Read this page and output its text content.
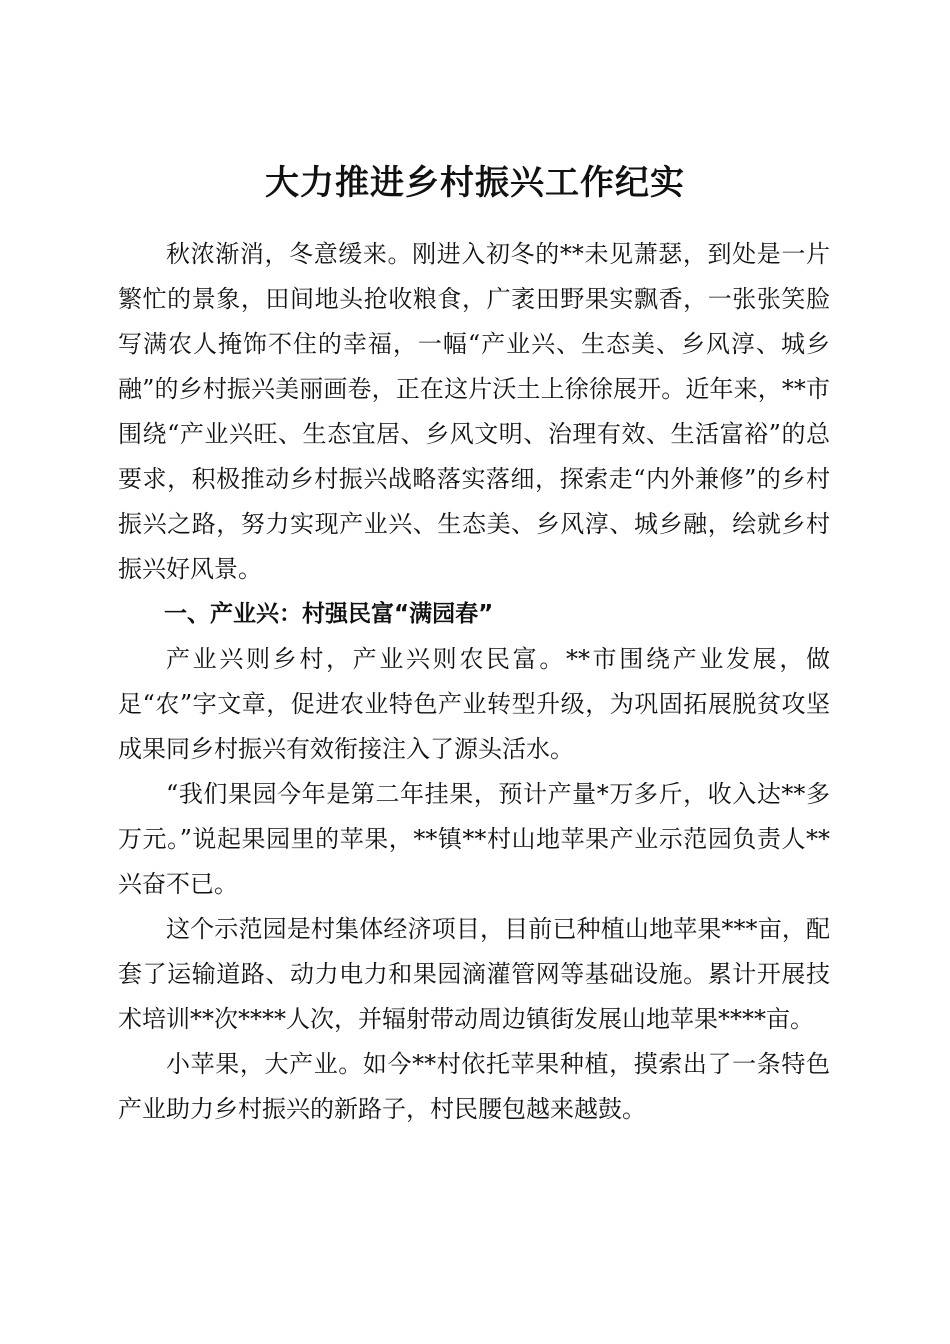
大力推进乡村振兴工作纪实

秋浓渐消，冬意缓来。刚进入初冬的**未见萧瑟，到处是一片繁忙的景象，田间地头抢收粮食，广袤田野果实飘香，一张张笑脸写满农人掩饰不住的幸福，一幅“产业兴、生态美、乡风淳、城乡融”的乡村振兴美丽画卷，正在这片沃土上徐徐展开。近年来，**市围绕“产业兴旺、生态宜居、乡风文明、治理有效、生活富裕”的总要求，积极推动乡村振兴战略落实落细，探索走“内外兼修”的乡村振兴之路，努力实现产业兴、生态美、乡风淳、城乡融，绘就乡村振兴好风景。

一、产业兴：村强民富“满园春”

产业兴则乡村，产业兴则农民富。**市围绕产业发展，做足“农”字文章，促进农业特色产业转型升级，为巩固拓展脱贫攻坚成果同乡村振兴有效衔接注入了源头活水。

“我们果园今年是第二年挂果，预计产量*万多斤，收入达**多万元。”说起果园里的苹果，**镇**村山地苹果产业示范园负责人**兴奋不已。

这个示范园是村集体经济项目，目前已种植山地苹果***亩，配套了运输道路、动力电力和果园滴灌管网等基础设施。累计开展技术培训**次****人次，并辐射带动周边镇街发展山地苹果****亩。

小苹果，大产业。如今**村依托苹果种植，摸索出了一条特色产业助力乡村振兴的新路子，村民腰包越来越鼓。
